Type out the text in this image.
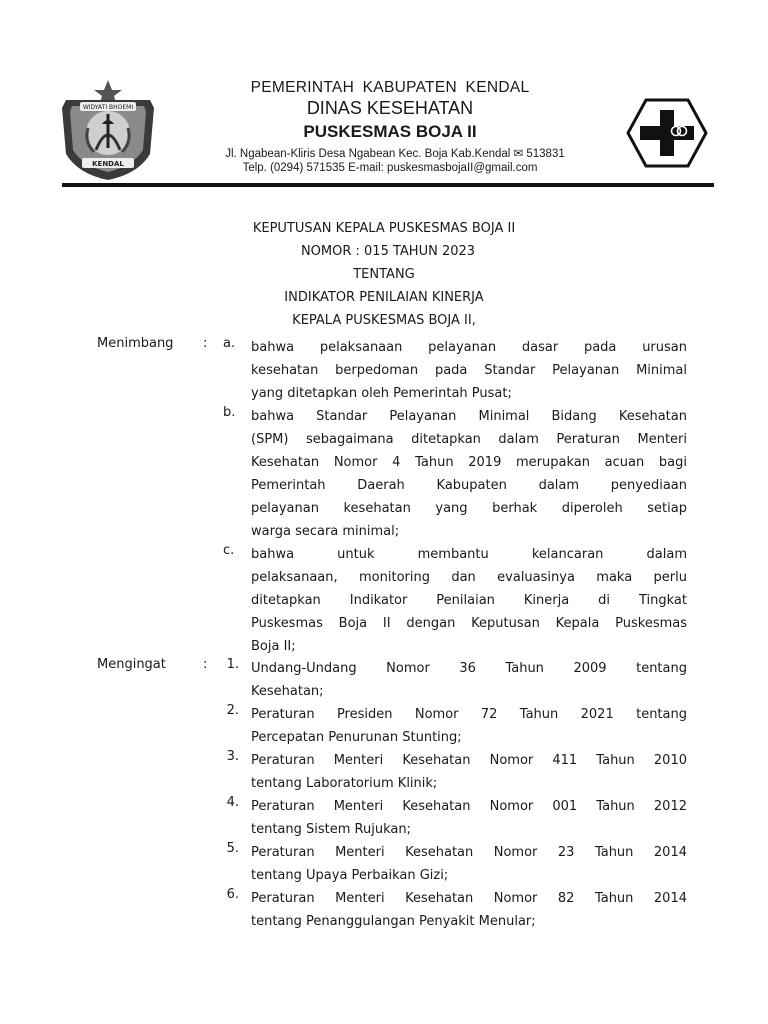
WIDYATI BHOEMI
KENDAL
PEMERINTAH KABUPATEN KENDAL
DINAS KESEHATAN
PUSKESMAS BOJA II
Jl. Ngabean-Kliris Desa Ngabean Kec. Boja Kab.Kendal ✉ 513831
Telp. (0294) 571535 E-mail: puskesmasbojaII@gmail.com
KEPUTUSAN KEPALA PUSKESMAS BOJA II
NOMOR : 015 TAHUN 2023
TENTANG
INDIKATOR PENILAIAN KINERJA
KEPALA PUSKESMAS BOJA II,
Menimbang : a.	bahwa pelaksanaan pelayanan dasar pada urusan
kesehatan berpedoman pada Standar Pelayanan Minimal
yang ditetapkan oleh Pemerintah Pusat;
b.	bahwa Standar Pelayanan Minimal Bidang Kesehatan
(SPM) sebagaimana ditetapkan dalam Peraturan Menteri
Kesehatan Nomor 4 Tahun 2019 merupakan acuan bagi
Pemerintah Daerah Kabupaten dalam penyediaan
pelayanan kesehatan yang berhak diperoleh setiap
warga secara minimal;
c.	bahwa untuk membantu kelancaran dalam
pelaksanaan, monitoring dan evaluasinya maka perlu
ditetapkan Indikator Penilaian Kinerja di Tingkat
Puskesmas Boja II dengan Keputusan Kepala Puskesmas
Boja II;
Mengingat	: 1. Undang-Undang Nomor 36 Tahun 2009 tentang
Kesehatan;
2. Peraturan Presiden Nomor 72 Tahun 2021 tentang
Percepatan Penurunan Stunting;
3. Peraturan Menteri Kesehatan Nomor 411 Tahun 2010
tentang Laboratorium Klinik;
4. Peraturan Menteri Kesehatan Nomor 001 Tahun 2012
tentang Sistem Rujukan;
5. Peraturan Menteri Kesehatan Nomor 23 Tahun 2014
tentang Upaya Perbaikan Gizi;
6. Peraturan Menteri Kesehatan Nomor 82 Tahun 2014
tentang Penanggulangan Penyakit Menular;
